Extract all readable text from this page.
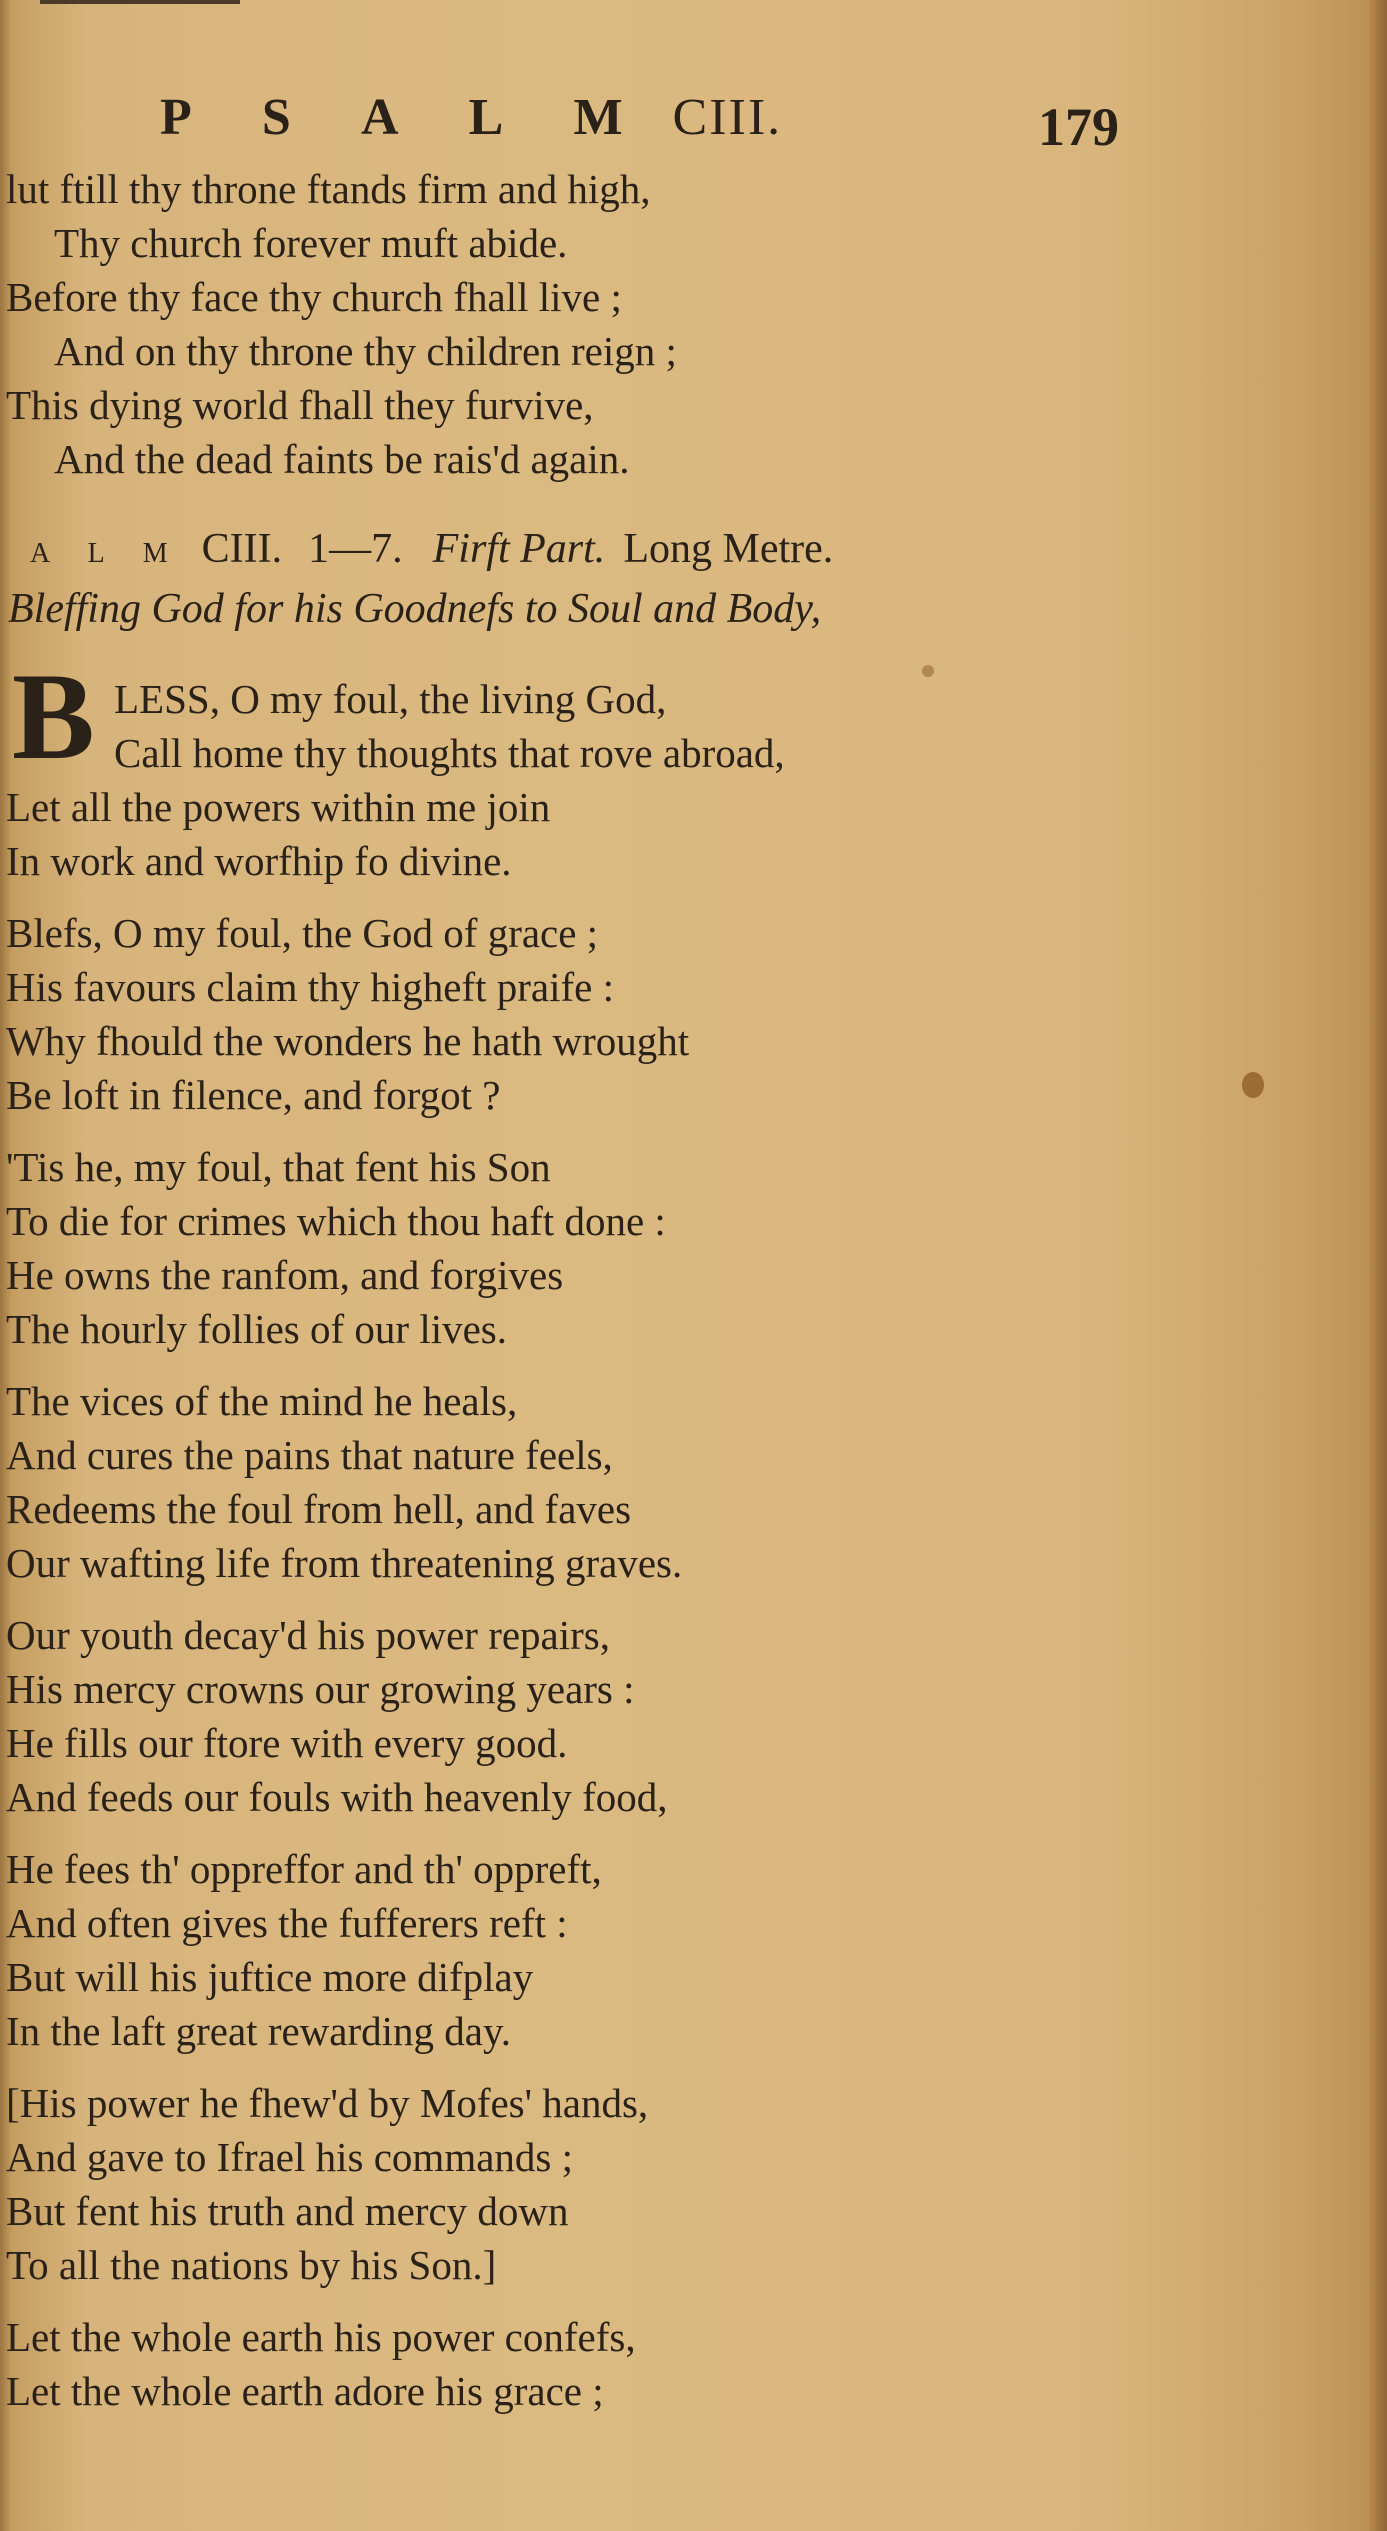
P S A L M CIII.	179
lut ftill thy throne ftands firm and high,
Thy church forever muft abide.
Before thy face thy church fhall live ;
And on thy throne thy children reign ;
This dying world fhall they furvive,
And the dead faints be rais'd again.
A L M CIII. 1—7. Firft Part. Long Metre.
Bleffing God for his Goodnefs to Soul and Body,
B LESS, O my foul, the living God,
Call home thy thoughts that rove abroad,
Let all the powers within me join
In work and worfhip fo divine.
Blefs, O my foul, the God of grace ;
His favours claim thy higheft praife :
Why fhould the wonders he hath wrought
Be loft in filence, and forgot ?
'Tis he, my foul, that fent his Son
To die for crimes which thou haft done :
He owns the ranfom, and forgives
The hourly follies of our lives.
The vices of the mind he heals,
And cures the pains that nature feels,
Redeems the foul from hell, and faves
Our wafting life from threatening graves.
Our youth decay'd his power repairs,
His mercy crowns our growing years :
He fills our ftore with every good.
And feeds our fouls with heavenly food,
He fees th' oppreffor and th' oppreft,
And often gives the fufferers reft :
But will his juftice more difplay
In the laft great rewarding day.
[His power he fhew'd by Mofes' hands,
And gave to Ifrael his commands ;
But fent his truth and mercy down
To all the nations by his Son.]
Let the whole earth his power confefs,
Let the whole earth adore his grace ;
